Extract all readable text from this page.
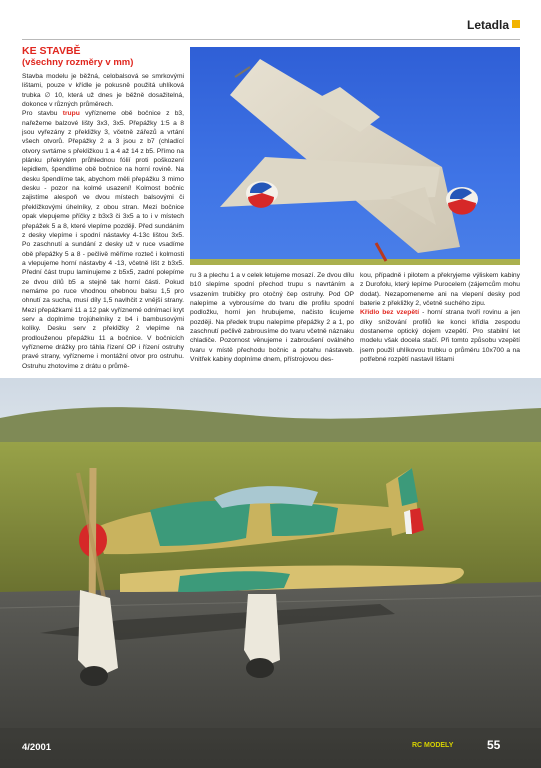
Letadla
KE STAVBĚ
(všechny rozměry v mm)

Stavba modelu je běžná, celobalsová se smrkovými lištami, pouze v křídle je pokusně použitá uhlíková trubka ∅ 10, která už dnes je běžně dosažitelná, dokonce v různých průměrech.

Pro stavbu trupu vyřízneme obě bočnice z b3, nařežeme balzové lišty 3x3, 3x5. Přepážky 1:5 a 8 jsou vyřezány z překližky 3, včetně zářezů a vrtání všech otvorů. Přepážky 2 a 3 jsou z b7 (chladící otvory svrtáme s překližkou 1 a 4 až 14 z b5. Přímo na plánku překrytém průhlednou fólií proti poškození lepidlem, špendlíme obě bočnice na horní rovině. Na desku špendlíme tak, abychom měli přepážku 3 mimo desku - pozor na kolmé usazení! Kolmost bočnic zajistíme alespoň ve dvou místech balsovými či překližkovými úhelníky, z obou stran. Mezi bočnice opak vlepujeme příčky z b3x3 či 3x5 a to i v místech přepážek 5 a 8, které vlepíme později. Před sundáním z desky vlepíme i spodní nástavky 4-13c lištou 3x5. Po zaschnutí a sundání z desky už v ruce vsadíme obě přepážky 5 a 8 - pečlivě měříme rozteč i kolmosti a vlepujeme horní nástavby 4 -13, včetně lišt z b3x5. Přední část trupu laminujeme z b5x5, zadní polepíme ze dvou dílů b5 a stejně tak horní části. Pokud nemáme po ruce vhodnou ohebnou balsu 1,5 pro ohnutí za sucha, musí díly 1,5 navlhčit z vnější strany. Mezi přepážkami 11 a 12 pak vyříznemé odnímací kryt serv a doplníme trojúhelníky z b4 i bambusovými kolíky. Desku serv z překližky 2 vlepíme na prodlouženou přepážku 11 a bočnice. V bočnicích vyřízneme drážky pro táhla řízení OP i řízení ostruhy pravé strany, vyřízneme i montážní otvor pro ostruhu. Ostruhu zhotovíme z drátu o průmě-

ru 3 a plechu 1 a v celek letujeme mosazí. Ze dvou dílu b10 slepíme spodní přechod trupu s navrtáním a vsazením trubičky pro otočný čep ostruhy. Pod OP nalepíme a vybrousíme do tvaru dle profilu spodní podložku, horní jen hrubujeme, načisto licujeme později. Na předek trupu nalepíme přepážky 2 a 1, po zaschnutí pečlivě zabrousíme do tvaru včetně náznaku chladiče. Pozornost věnujeme i zabroušení oválného tvaru v místě přechodu bočnic a potahu nástaveb. Vnitřek kabiny doplníme dnem, přístrojovou des-

kou, případně i pilotem a překryjeme výliskem kabiny z Durofolu, který lepíme Purocelem (zájemcům mohu dodat). Nezapomeneme ani na vlepení desky pod baterie z překližky 2, včetně suchého zipu.

Křídlo bez vzepětí - horní strana tvoří rovinu a jen díky snižování profilů ke konci křídla zespodu dostaneme optický dojem vzepětí. Pro stabilní let modelu však docela stačí. Při tomto způsobu vzepětí jsem použil uhlíkovou trubku o průměru 10x700 a na potřebné rozpětí nastavil lištami

4/2001	RC MODELY	55
